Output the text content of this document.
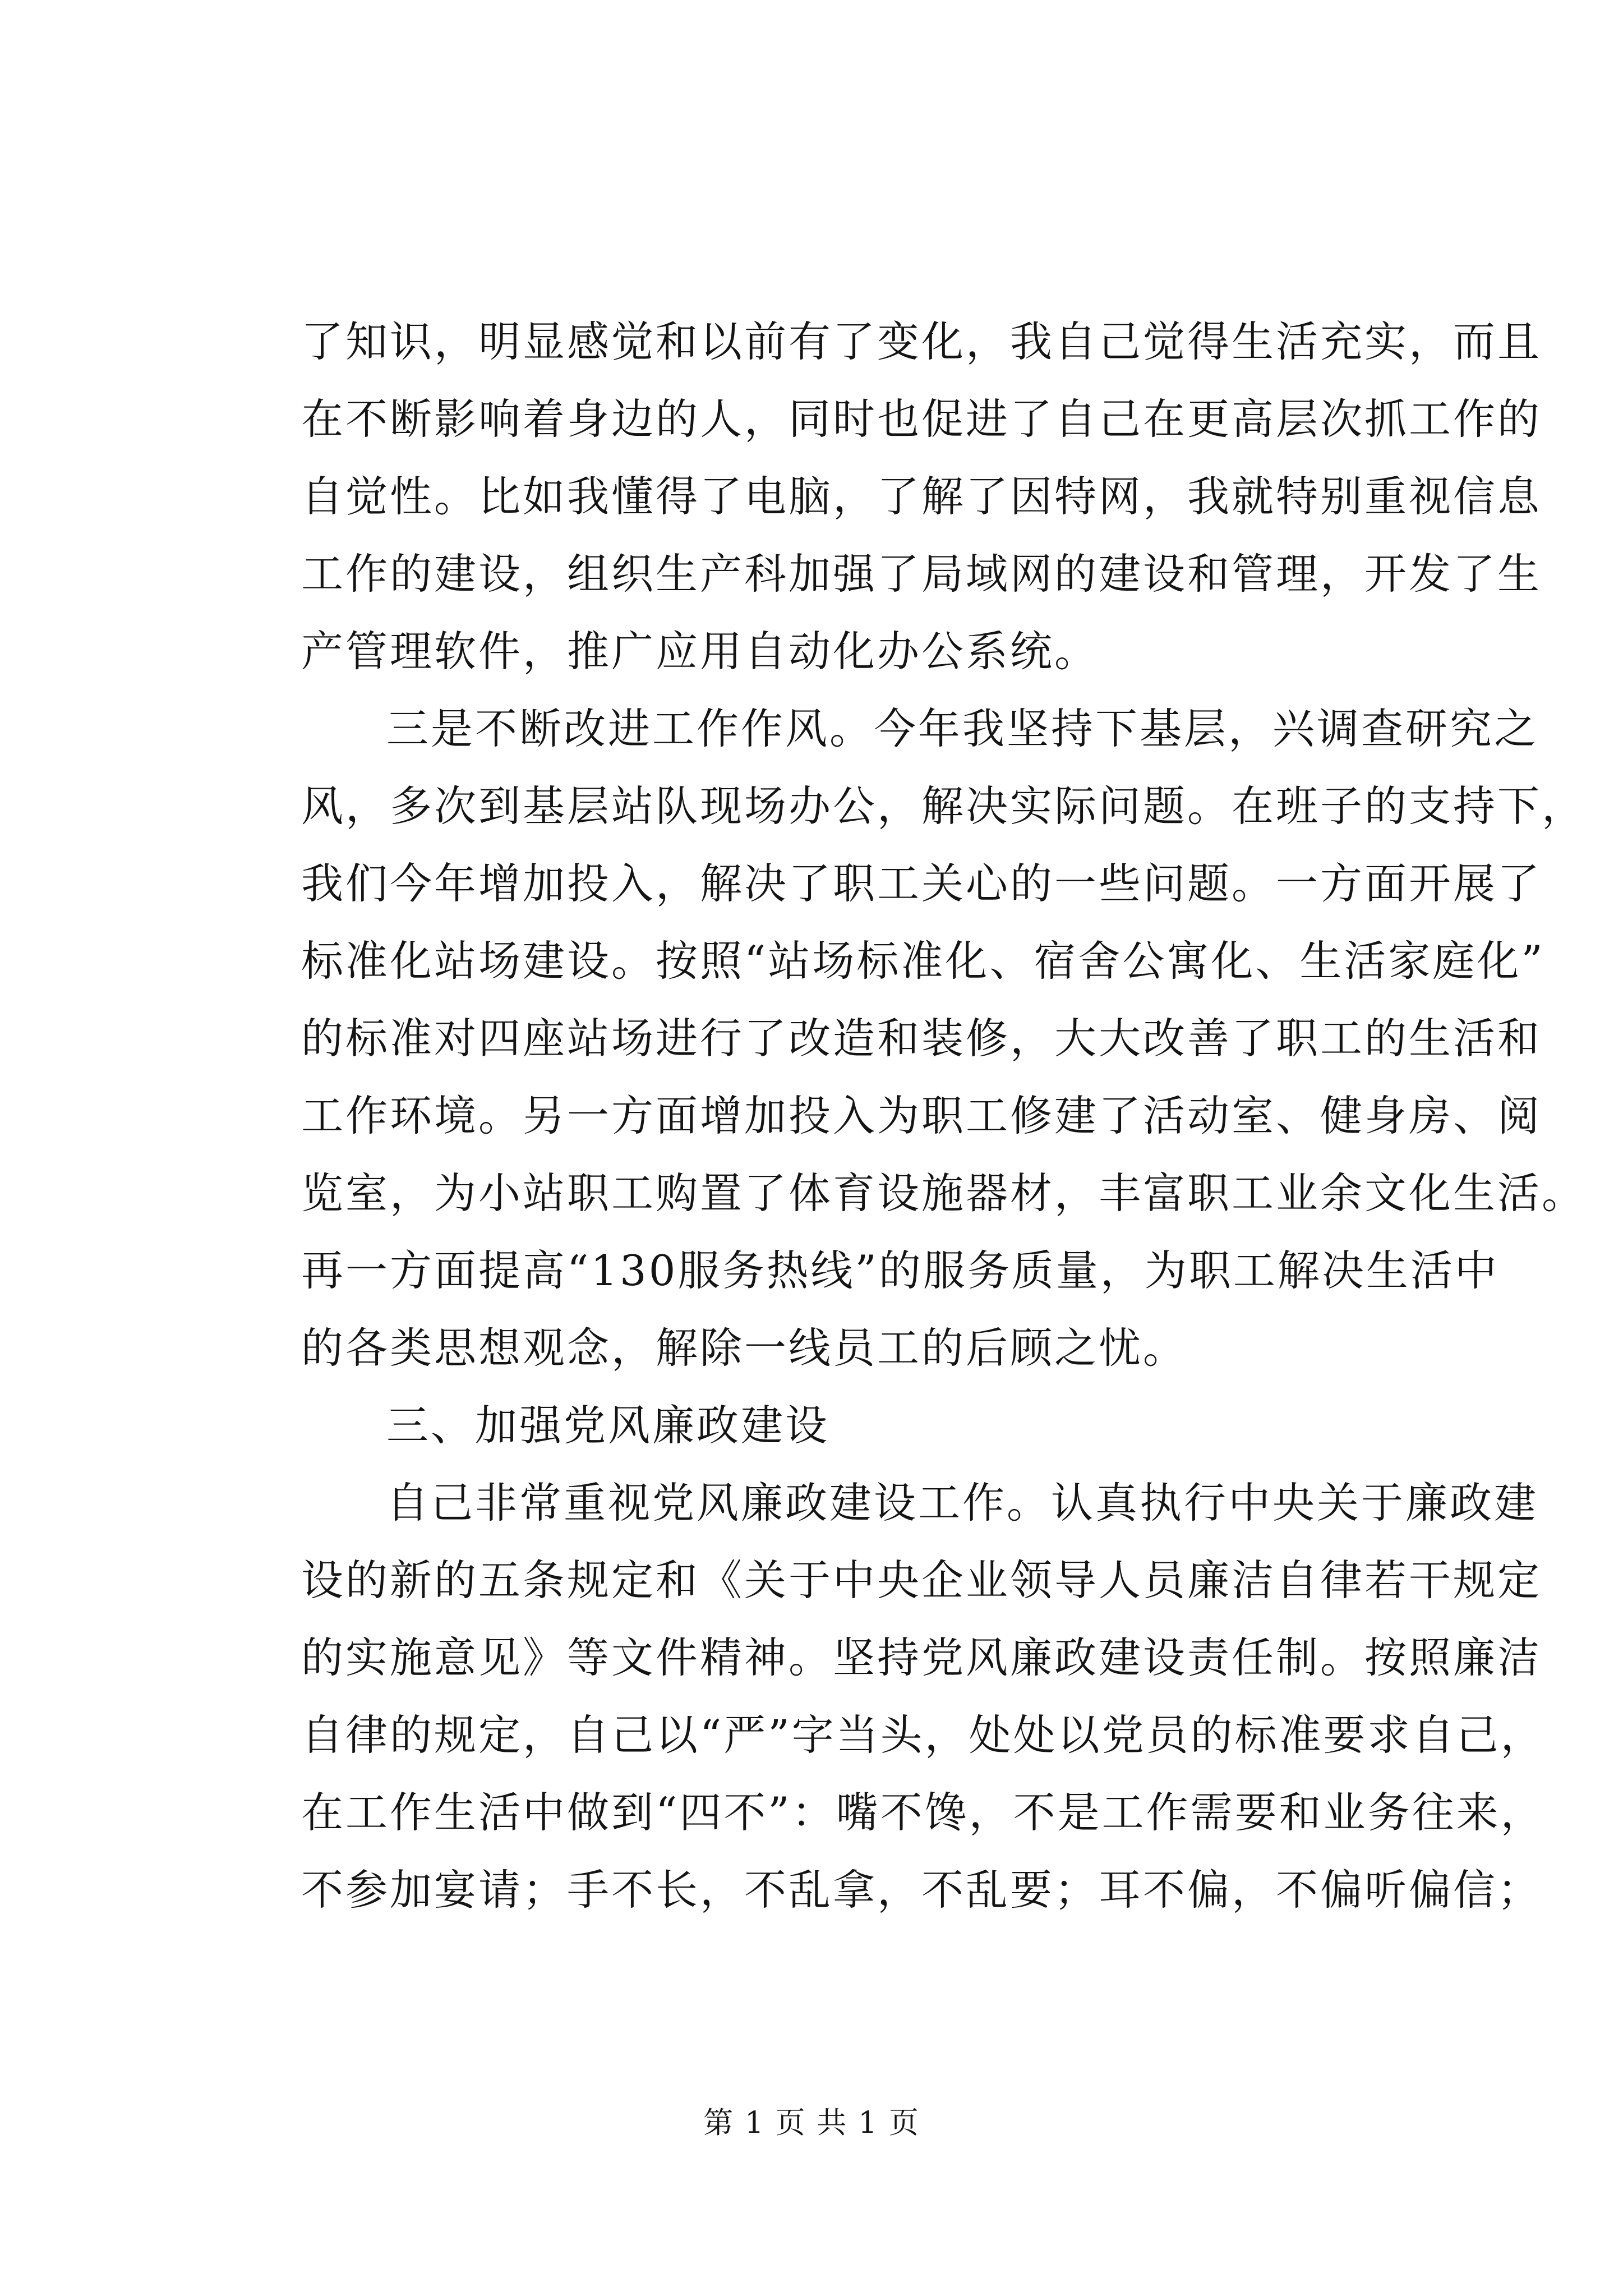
了知识，明显感觉和以前有了变化，我自己觉得生活充实，而且
在不断影响着身边的人，同时也促进了自己在更高层次抓工作的
自觉性。比如我懂得了电脑，了解了因特网，我就特别重视信息
工作的建设，组织生产科加强了局域网的建设和管理，开发了生
产管理软件，推广应用自动化办公系统。
三是不断改进工作作风。今年我坚持下基层，兴调查研究之
风，多次到基层站队现场办公，解决实际问题。在班子的支持下，
我们今年增加投入，解决了职工关心的一些问题。一方面开展了
标准化站场建设。按照“站场标准化、宿舍公寓化、生活家庭化”
的标准对四座站场进行了改造和装修，大大改善了职工的生活和
工作环境。另一方面增加投入为职工修建了活动室、健身房、阅
览室，为小站职工购置了体育设施器材，丰富职工业余文化生活。
再一方面提高“130服务热线”的服务质量，为职工解决生活中
的各类思想观念，解除一线员工的后顾之忧。
三、加强党风廉政建设
自己非常重视党风廉政建设工作。认真执行中央关于廉政建
设的新的五条规定和《关于中央企业领导人员廉洁自律若干规定
的实施意见》等文件精神。坚持党风廉政建设责任制。按照廉洁
自律的规定，自己以“严”字当头，处处以党员的标准要求自己，
在工作生活中做到“四不”：嘴不馋，不是工作需要和业务往来，
不参加宴请；手不长，不乱拿，不乱要；耳不偏，不偏听偏信；
第 1 页 共 1 页
